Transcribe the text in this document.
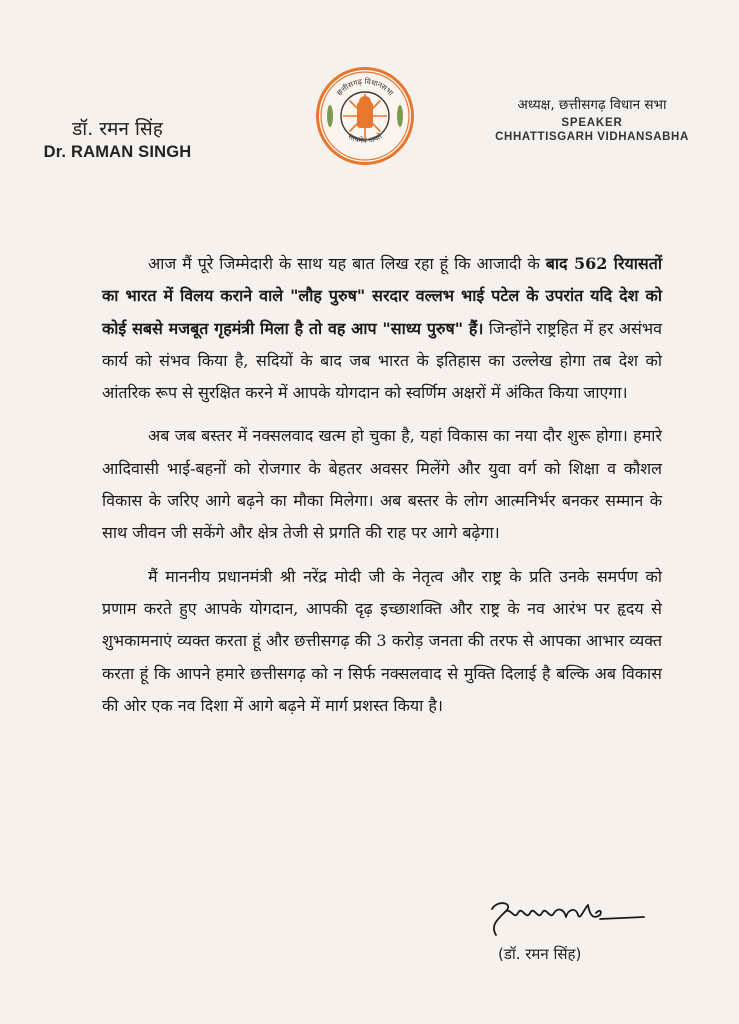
डॉ. रमन सिंह
Dr. RAMAN SINGH
छत्तीसगढ़ विधानसभा
सत्यमेव जयते
अध्यक्ष, छत्तीसगढ़ विधान सभा
SPEAKER
CHHATTISGARH VIDHANSABHA

आज मैं पूरे जिम्मेदारी के साथ यह बात लिख रहा हूं कि आजादी के बाद 562 रियासतों का भारत में विलय कराने वाले "लौह पुरुष" सरदार वल्लभ भाई पटेल के उपरांत यदि देश को कोई सबसे मजबूत गृहमंत्री मिला है तो वह आप "साध्य पुरुष" हैं। जिन्होंने राष्ट्रहित में हर असंभव कार्य को संभव किया है, सदियों के बाद जब भारत के इतिहास का उल्लेख होगा तब देश को आंतरिक रूप से सुरक्षित करने में आपके योगदान को स्वर्णिम अक्षरों में अंकित किया जाएगा।

अब जब बस्तर में नक्सलवाद खत्म हो चुका है, यहां विकास का नया दौर शुरू होगा। हमारे आदिवासी भाई-बहनों को रोजगार के बेहतर अवसर मिलेंगे और युवा वर्ग को शिक्षा व कौशल विकास के जरिए आगे बढ़ने का मौका मिलेगा। अब बस्तर के लोग आत्मनिर्भर बनकर सम्मान के साथ जीवन जी सकेंगे और क्षेत्र तेजी से प्रगति की राह पर आगे बढ़ेगा।

मैं माननीय प्रधानमंत्री श्री नरेंद्र मोदी जी के नेतृत्व और राष्ट्र के प्रति उनके समर्पण को प्रणाम करते हुए आपके योगदान, आपकी दृढ़ इच्छाशक्ति और राष्ट्र के नव आरंभ पर हृदय से शुभकामनाएं व्यक्त करता हूं और छत्तीसगढ़ की 3 करोड़ जनता की तरफ से आपका आभार व्यक्त करता हूं कि आपने हमारे छत्तीसगढ़ को न सिर्फ नक्सलवाद से मुक्ति दिलाई है बल्कि अब विकास की ओर एक नव दिशा में आगे बढ़ने में मार्ग प्रशस्त किया है।

(डॉ. रमन सिंह)
